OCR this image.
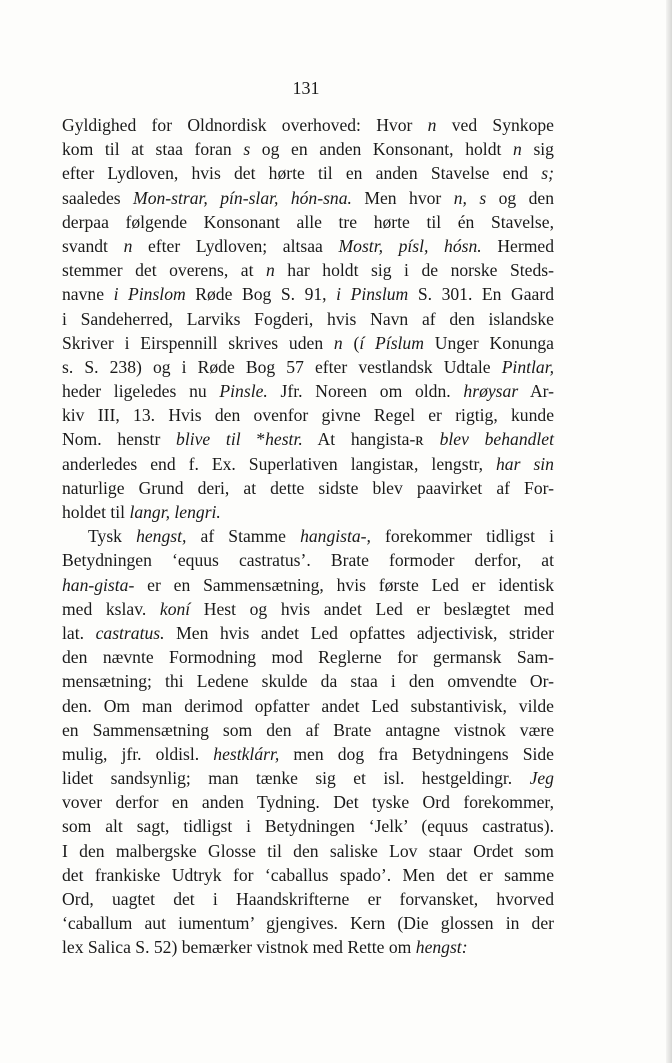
131
Gyldighed for Oldnordisk overhoved: Hvor n ved Synkope
kom til at staa foran s og en anden Konsonant, holdt n sig
efter Lydloven, hvis det hørte til en anden Stavelse end s;
saaledes Mon-strar, pín-slar, hón-sna. Men hvor n, s og den
derpaa følgende Konsonant alle tre hørte til én Stavelse,
svandt n efter Lydloven; altsaa Mostr, písl, hósn. Hermed
stemmer det overens, at n har holdt sig i de norske Steds-
navne i Pinslom Røde Bog S. 91, i Pinslum S. 301. En Gaard
i Sandeherred, Larviks Fogderi, hvis Navn af den islandske
Skriver i Eirspennill skrives uden n (í Píslum Unger Konunga
s. S. 238) og i Røde Bog 57 efter vestlandsk Udtale Pintlar,
heder ligeledes nu Pinsle. Jfr. Noreen om oldn. hrøysar Ar-
kiv III, 13. Hvis den ovenfor givne Regel er rigtig, kunde
Nom. henstr blive til *hestr. At hangista-ʀ blev behandlet
anderledes end f. Ex. Superlativen langistaʀ, lengstr, har sin
naturlige Grund deri, at dette sidste blev paavirket af For-
holdet til langr, lengri.
Tysk hengst, af Stamme hangista-, forekommer tidligst i
Betydningen ‘equus castratus’. Brate formoder derfor, at
han-gista- er en Sammensætning, hvis første Led er identisk
med kslav. koní Hest og hvis andet Led er beslægtet med
lat. castratus. Men hvis andet Led opfattes adjectivisk, strider
den nævnte Formodning mod Reglerne for germansk Sam-
mensætning; thi Ledene skulde da staa i den omvendte Or-
den. Om man derimod opfatter andet Led substantivisk, vilde
en Sammensætning som den af Brate antagne vistnok være
mulig, jfr. oldisl. hestklárr, men dog fra Betydningens Side
lidet sandsynlig; man tænke sig et isl. hestgeldingr. Jeg
vover derfor en anden Tydning. Det tyske Ord forekommer,
som alt sagt, tidligst i Betydningen ‘Jelk’ (equus castratus).
I den malbergske Glosse til den saliske Lov staar Ordet som
det frankiske Udtryk for ‘caballus spado’. Men det er samme
Ord, uagtet det i Haandskrifterne er forvansket, hvorved
‘caballum aut iumentum’ gjengives. Kern (Die glossen in der
lex Salica S. 52) bemærker vistnok med Rette om hengst:
